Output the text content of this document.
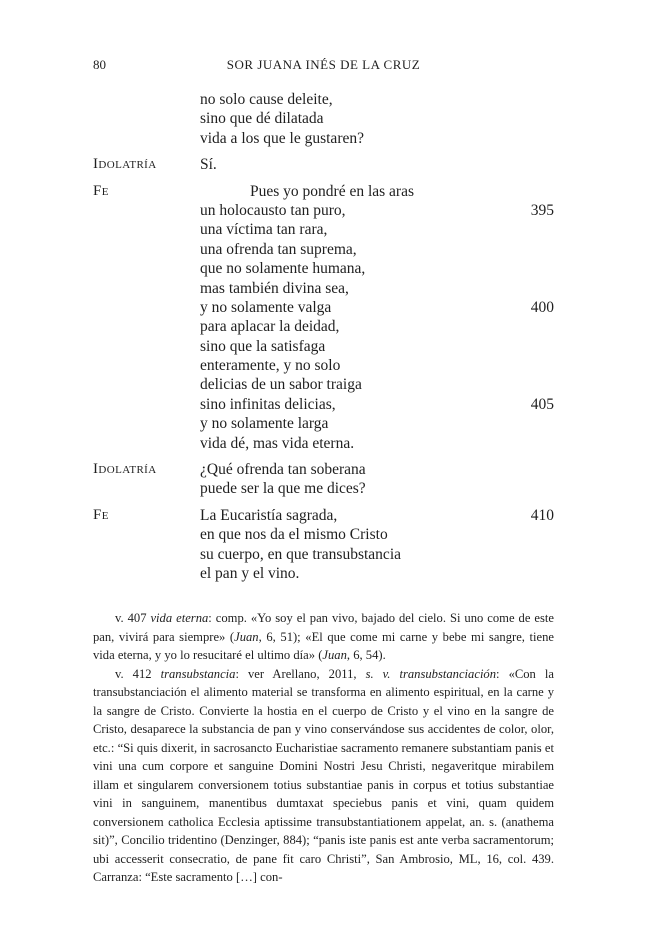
80	SOR JUANA INÉS DE LA CRUZ
no solo cause deleite,
sino que dé dilatada
vida a los que le gustaren?
Idolatría	Sí.
Fe	Pues yo pondré en las aras
un holocausto tan puro,	395
una víctima tan rara,
una ofrenda tan suprema,
que no solamente humana,
mas también divina sea,
y no solamente valga	400
para aplacar la deidad,
sino que la satisfaga
enteramente, y no solo
delicias de un sabor traiga
sino infinitas delicias,	405
y no solamente larga
vida dé, mas vida eterna.
Idolatría	¿Qué ofrenda tan soberana
puede ser la que me dices?
Fe	La Eucaristía sagrada,	410
en que nos da el mismo Cristo
su cuerpo, en que transubstancia
el pan y el vino.

v. 407 vida eterna: comp. «Yo soy el pan vivo, bajado del cielo. Si uno come de este pan, vivirá para siempre» (Juan, 6, 51); «El que come mi carne y bebe mi sangre, tiene vida eterna, y yo lo resucitaré el ultimo día» (Juan, 6, 54).

v. 412 transubstancia: ver Arellano, 2011, s. v. transubstanciación: «Con la transubstanciación el alimento material se transforma en alimento espiritual, en la carne y la sangre de Cristo. Convierte la hostia en el cuerpo de Cristo y el vino en la sangre de Cristo, desaparece la substancia de pan y vino conservándose sus accidentes de color, olor, etc.: “Si quis dixerit, in sacrosancto Eucharistiae sacramento remanere substantiam panis et vini una cum corpore et sanguine Domini Nostri Jesu Christi, negaveritque mirabilem illam et singularem conversionem totius substantiae panis in corpus et totius substantiae vini in sanguinem, manentibus dumtaxat speciebus panis et vini, quam quidem conversionem catholica Ecclesia aptissime transubstantiationem appelat, an. s. (anathema sit)”, Concilio tridentino (Denzinger, 884); “panis iste panis est ante verba sacramentorum; ubi accesserit consecratio, de pane fit caro Christi”, San Ambrosio, ML, 16, col. 439. Carranza: “Este sacramento […] con-
